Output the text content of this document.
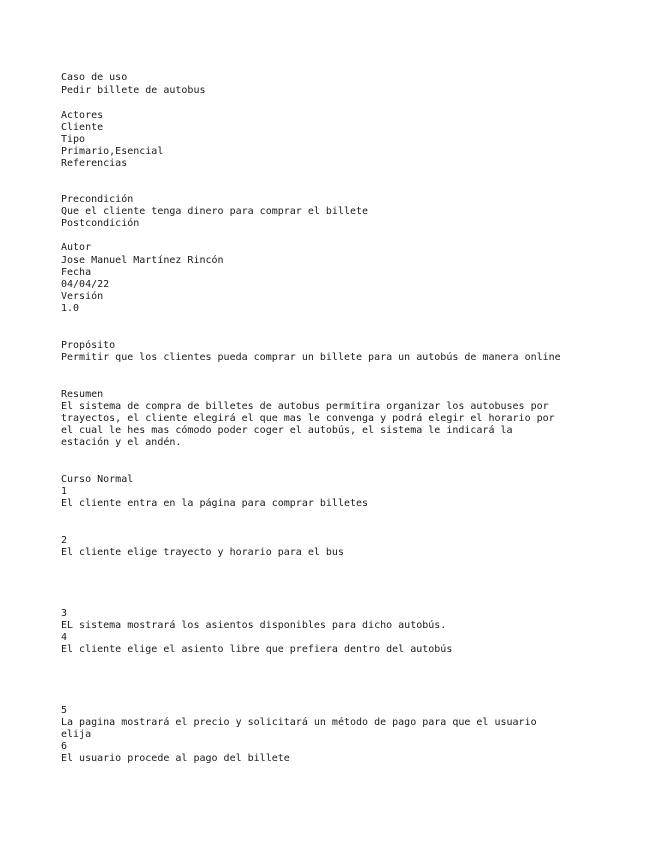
Caso de uso
Pedir billete de autobus
Actores
Cliente
Tipo
Primario,Esencial
Referencias
Precondición
Que el cliente tenga dinero para comprar el billete
Postcondición
Autor
Jose Manuel Martínez Rincón
Fecha
04/04/22
Versión
1.0
Propósito
Permitir que los clientes pueda comprar un billete para un autobús de manera online
Resumen
El sistema de compra de billetes de autobus permitira organizar los autobuses por
trayectos, el cliente elegirá el que mas le convenga y podrá elegir el horario por
el cual le hes mas cómodo poder coger el autobús, el sistema le indicará la
estación y el andén.
Curso Normal
1
El cliente entra en la página para comprar billetes
2
El cliente elige trayecto y horario para el bus
3
EL sistema mostrará los asientos disponibles para dicho autobús.
4
El cliente elige el asiento libre que prefiera dentro del autobús
5
La pagina mostrará el precio y solicitará un método de pago para que el usuario
elija
6
El usuario procede al pago del billete
